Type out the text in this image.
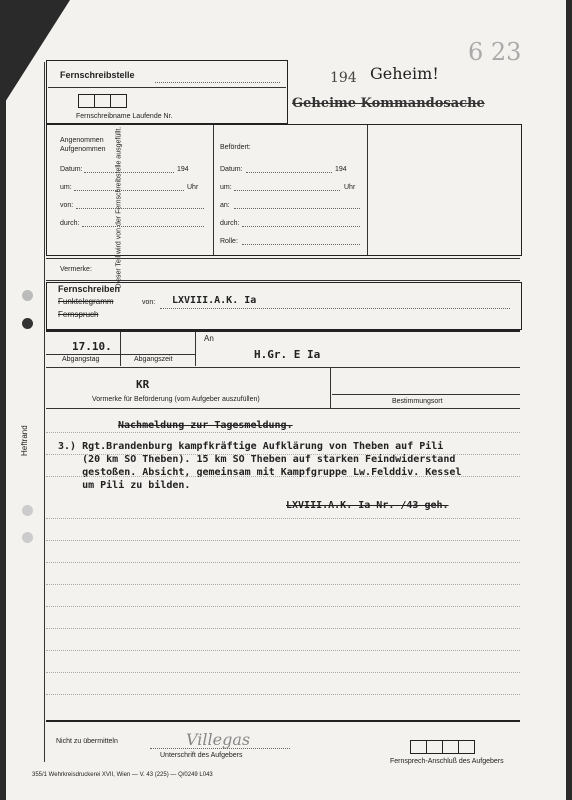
Dieser Teil wird von der Fernschreibstelle ausgefüllt.
Heftrand
Fernschreibstelle
Fernschreibname Laufende Nr.
194 Geheim!
6 23
Geheime Kommandosache
Angenommen
Aufgenommen
Datum:	194
um:	Uhr
von:
durch:
Befördert:
Datum:	194
um:	Uhr
an:
durch:
Rolle:
Vermerke:
Fernschreiben
Funktelegramm
Fernspruch
von: LXVIII.A.K. Ia
17.10.
Abgangstag	Abgangszeit
An
H.Gr. E Ia
KR
Vormerke für Beförderung (vom Aufgeber auszufüllen)	Bestimmungsort
Nachmeldung zur Tagesmeldung.
3.) Rgt.Brandenburg kampfkräftige Aufklärung von Theben auf Pili
(20 km SO Theben). 15 km SO Theben auf starken Feindwiderstand
gestoßen. Absicht, gemeinsam mit Kampfgruppe Lw.Felddiv. Kessel
um Pili zu bilden.
LXVIII.A.K. Ia Nr. /43 geh.
Nicht zu übermitteln	Villegas
Unterschrift des Aufgebers
Fernsprech-Anschluß des Aufgebers
355/1 Wehrkreisdruckerei XVII, Wien — V. 43 (225) — Q/0249 L043
